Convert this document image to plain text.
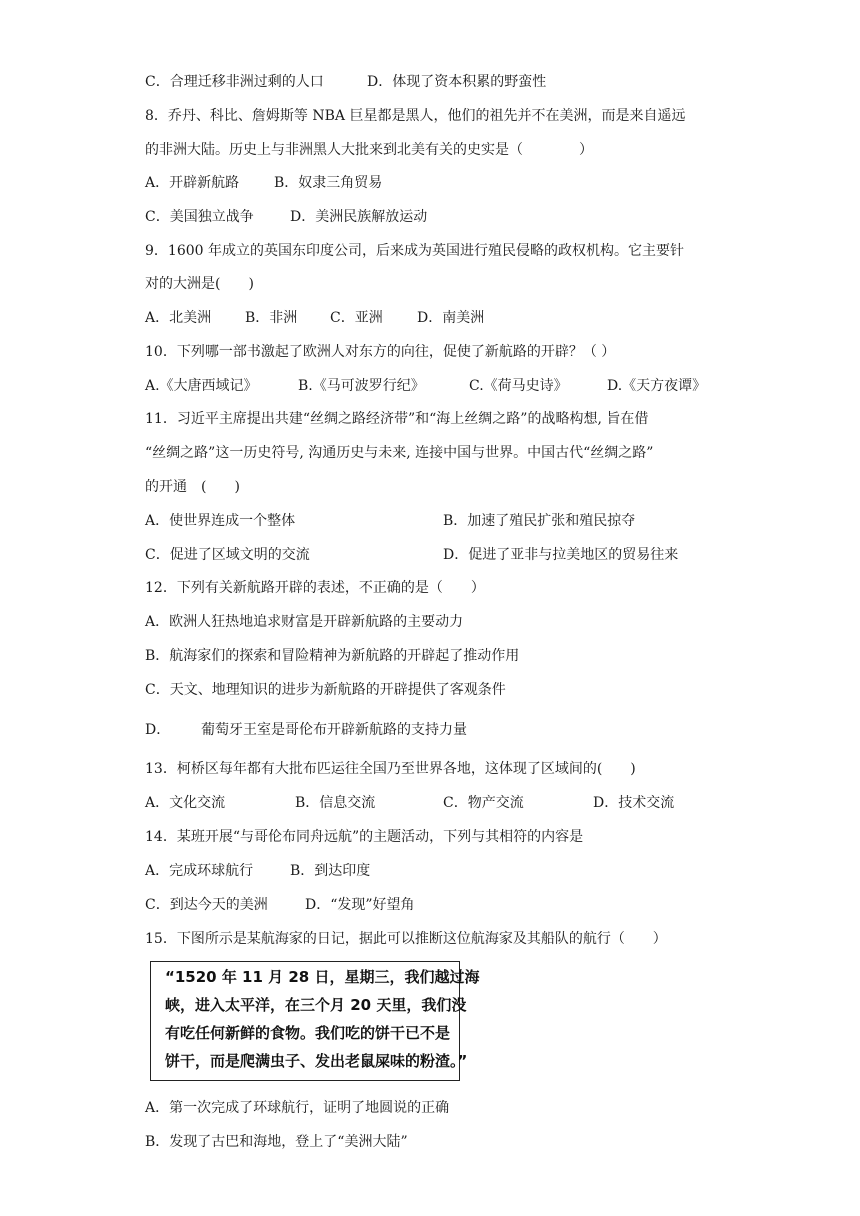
C．合理迁移非洲过剩的人口	D．体现了资本积累的野蛮性
8．乔丹、科比、詹姆斯等 NBA 巨星都是黑人，他们的祖先并不在美洲，而是来自遥远
的非洲大陆。历史上与非洲黑人大批来到北美有关的史实是（　　　　）
A．开辟新航路 B．奴隶三角贸易
C．美国独立战争	D．美洲民族解放运动
9．1600 年成立的英国东印度公司，后来成为英国进行殖民侵略的政权机构。它主要针
对的大洲是(　　)
A．北美洲 B．非洲 C．亚洲 D．南美洲
10．下列哪一部书激起了欧洲人对东方的向往，促使了新航路的开辟？（ ）
A.《大唐西域记》	B.《马可波罗行纪》	C.《荷马史诗》	D.《天方夜谭》
11．习近平主席提出共建“丝绸之路经济带”和“海上丝绸之路”的战略构想, 旨在借
“丝绸之路”这一历史符号, 沟通历史与未来, 连接中国与世界。中国古代“丝绸之路”
的开通　(　　)
A．使世界连成一个整体	B．加速了殖民扩张和殖民掠夺
C．促进了区域文明的交流	D．促进了亚非与拉美地区的贸易往来
12．下列有关新航路开辟的表述，不正确的是（　　）
A．欧洲人狂热地追求财富是开辟新航路的主要动力
B．航海家们的探索和冒险精神为新航路的开辟起了推动作用
C．天文、地理知识的进步为新航路的开辟提供了客观条件
D． 葡萄牙王室是哥伦布开辟新航路的支持力量
13．柯桥区每年都有大批布匹运往全国乃至世界各地，这体现了区域间的(　　)
A．文化交流	B．信息交流	C．物产交流	D．技术交流
14．某班开展“与哥伦布同舟远航”的主题活动，下列与其相符的内容是
A．完成环球航行	B．到达印度
C．到达今天的美洲	D．“发现”好望角
15．下图所示是某航海家的日记，据此可以推断这位航海家及其船队的航行（　　）
“1520 年 11 月 28 日，星期三，我们越过海
峡，进入太平洋，在三个月 20 天里，我们没
有吃任何新鲜的食物。我们吃的饼干已不是
饼干，而是爬满虫子、发出老鼠屎味的粉渣。”
A．第一次完成了环球航行，证明了地圆说的正确
B．发现了古巴和海地，登上了“美洲大陆”
